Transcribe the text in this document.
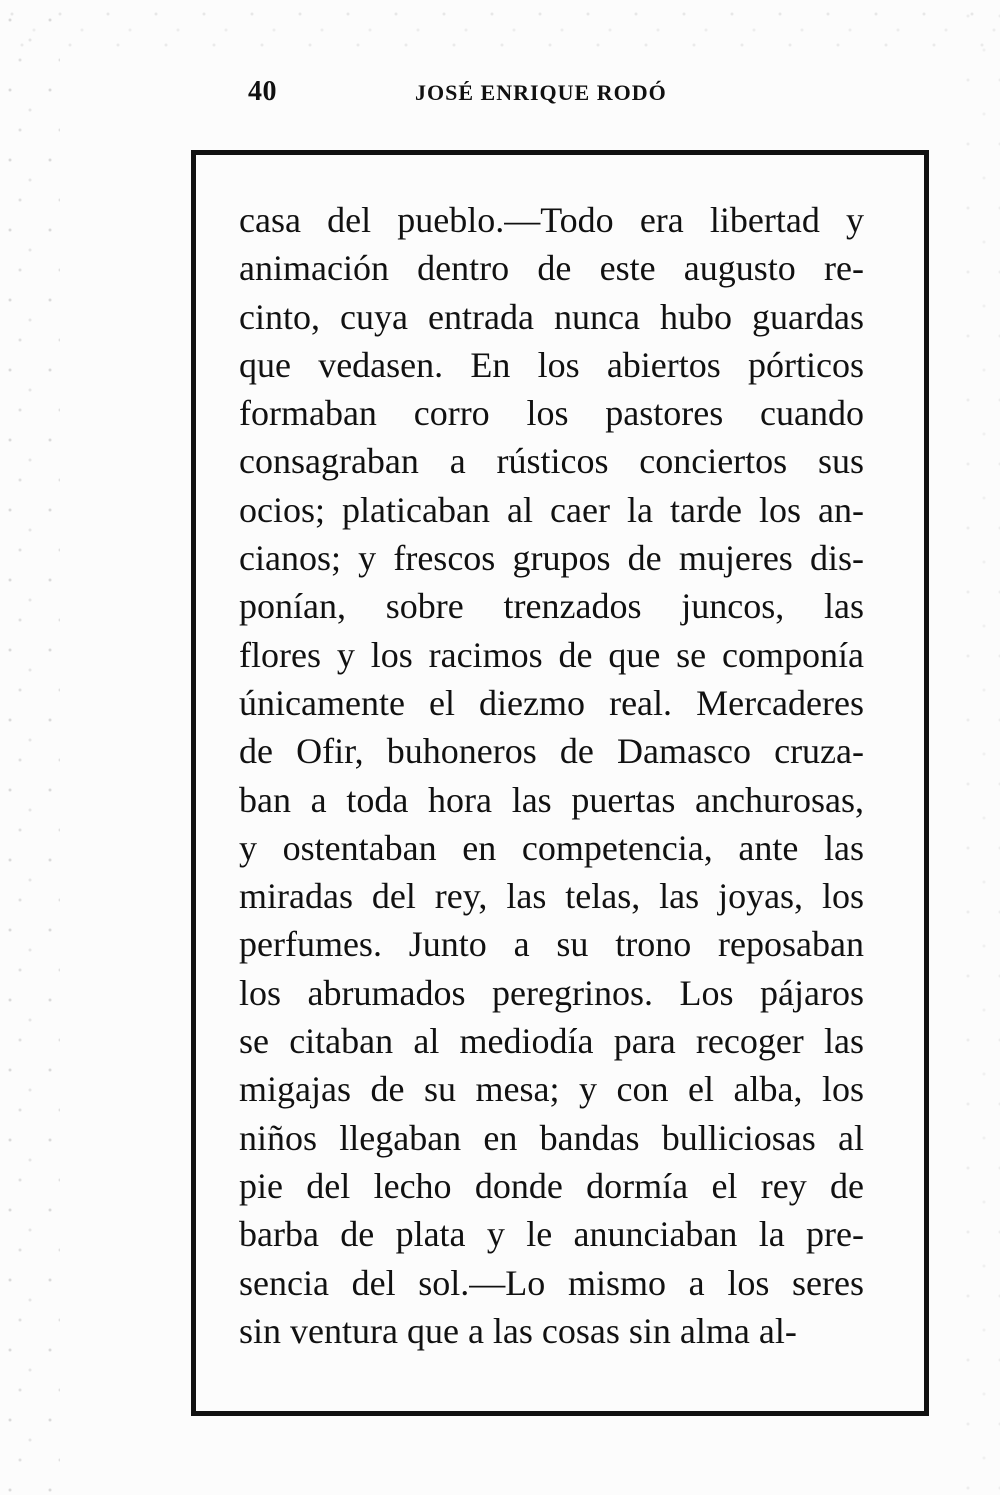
40	JOSÉ ENRIQUE RODÓ
casa del pueblo.—Todo era libertad y
animación dentro de este augusto re-
cinto, cuya entrada nunca hubo guardas
que vedasen. En los abiertos pórticos
formaban corro los pastores cuando
consagraban a rústicos conciertos sus
ocios; platicaban al caer la tarde los an-
cianos; y frescos grupos de mujeres dis-
ponían, sobre trenzados juncos, las
flores y los racimos de que se componía
únicamente el diezmo real. Mercaderes
de Ofir, buhoneros de Damasco cruza-
ban a toda hora las puertas anchurosas,
y ostentaban en competencia, ante las
miradas del rey, las telas, las joyas, los
perfumes. Junto a su trono reposaban
los abrumados peregrinos. Los pájaros
se citaban al mediodía para recoger las
migajas de su mesa; y con el alba, los
niños llegaban en bandas bulliciosas al
pie del lecho donde dormía el rey de
barba de plata y le anunciaban la pre-
sencia del sol.—Lo mismo a los seres
sin ventura que a las cosas sin alma al-
